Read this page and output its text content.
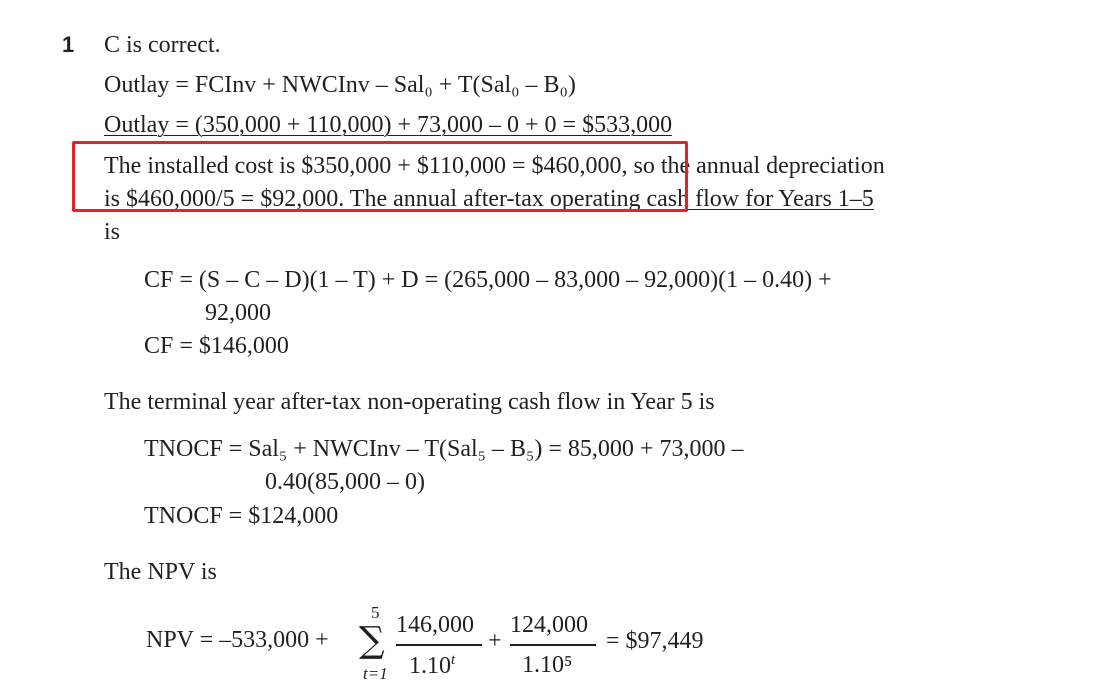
1 C is correct.
Outlay = FCInv + NWCInv – Sal₀ + T(Sal₀ – B₀)
Outlay = (350,000 + 110,000) + 73,000 – 0 + 0 = $533,000
The installed cost is $350,000 + $110,000 = $460,000, so the annual depreciation
is $460,000/5 = $92,000. The annual after-tax operating cash flow for Years 1–5
is
CF = (S – C – D)(1 – T) + D = (265,000 – 83,000 – 92,000)(1 – 0.40) +
92,000
CF = $146,000
The terminal year after-tax non-operating cash flow in Year 5 is
TNOCF = Sal₅ + NWCInv – T(Sal₅ – B₅) = 85,000 + 73,000 –
0.40(85,000 – 0)
TNOCF = $124,000
The NPV is
NPV = –533,000 +
5
∑
t=1
146,000
$1.10^t$
+
124,000
1.10⁵
= $97,449
